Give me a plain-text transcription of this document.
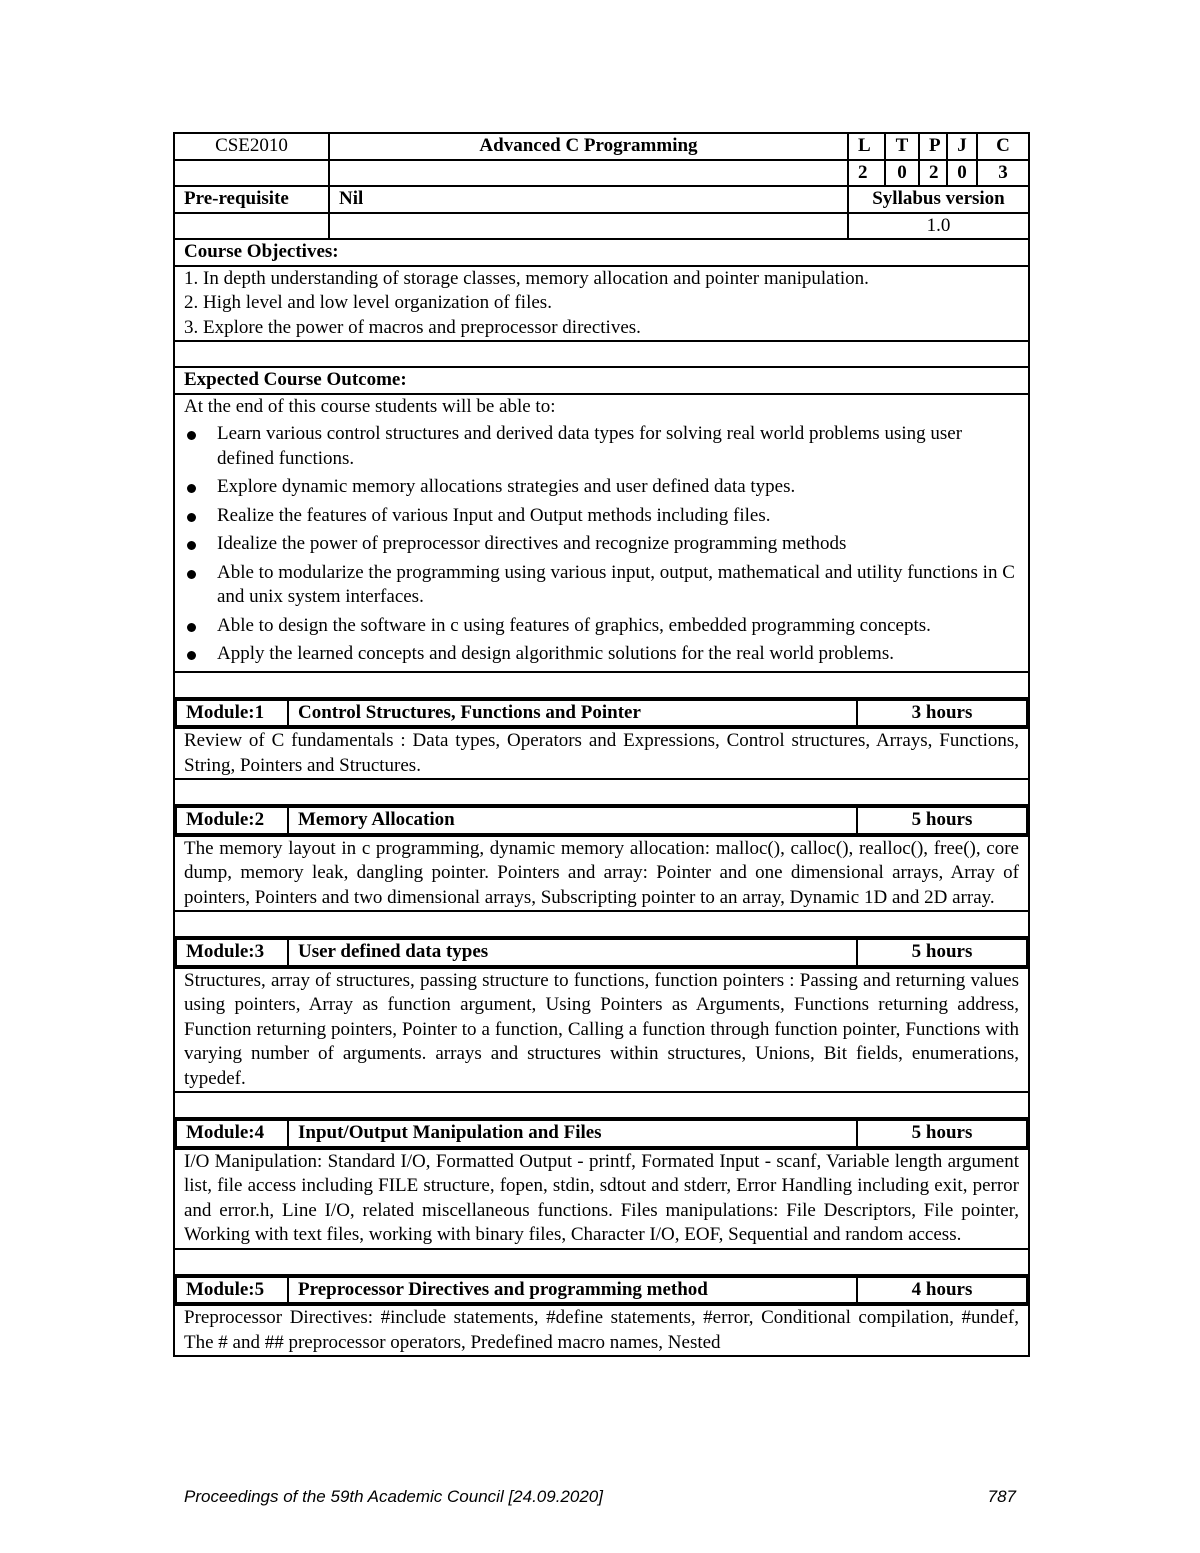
CSE2010	Advanced C Programming	L	T	P	J	C
		2	0	2	0	3
Pre-requisite	Nil	Syllabus version
		1.0
Course Objectives:

1. In depth understanding of storage classes, memory allocation and pointer manipulation.
2. High level and low level organization of files.
3. Explore the power of macros and preprocessor directives.

Expected Course Outcome:

At the end of this course students will be able to:
Learn various control structures and derived data types for solving real world problems using user defined functions.
Explore dynamic memory allocations strategies and user defined data types.
Realize the features of various Input and Output methods including files.
Idealize the power of preprocessor directives and recognize programming methods
Able to modularize the programming using various input, output, mathematical and utility functions in C and unix system interfaces.
Able to design the software in c using features of graphics, embedded programming concepts.
Apply the learned concepts and design algorithmic solutions for the real world problems.

Module:1	Control Structures, Functions and Pointer	3 hours

Review of C fundamentals : Data types, Operators and Expressions, Control structures, Arrays, Functions, String, Pointers and Structures.

Module:2	Memory Allocation	5 hours

The memory layout in c programming, dynamic memory allocation: malloc(), calloc(), realloc(), free(), core dump, memory leak, dangling pointer. Pointers and array: Pointer and one dimensional arrays, Array of pointers, Pointers and two dimensional arrays, Subscripting pointer to an array, Dynamic 1D and 2D array.

Module:3	User defined data types	5 hours

Structures, array of structures, passing structure to functions, function pointers : Passing and returning values using pointers, Array as function argument, Using Pointers as Arguments, Functions returning address, Function returning pointers, Pointer to a function, Calling a function through function pointer, Functions with varying number of arguments. arrays and structures within structures, Unions, Bit fields, enumerations, typedef.

Module:4	Input/Output Manipulation and Files	5 hours

I/O Manipulation: Standard I/O, Formatted Output - printf, Formated Input - scanf, Variable length argument list, file access including FILE structure, fopen, stdin, sdtout and stderr, Error Handling including exit, perror and error.h, Line I/O, related miscellaneous functions. Files manipulations: File Descriptors, File pointer, Working with text files, working with binary files, Character I/O, EOF, Sequential and random access.

Module:5	Preprocessor Directives and programming method	4 hours

Preprocessor Directives: #include statements, #define statements, #error, Conditional compilation, #undef, The # and ## preprocessor operators, Predefined macro names, Nested
Proceedings of the 59th Academic Council [24.09.2020]	787
